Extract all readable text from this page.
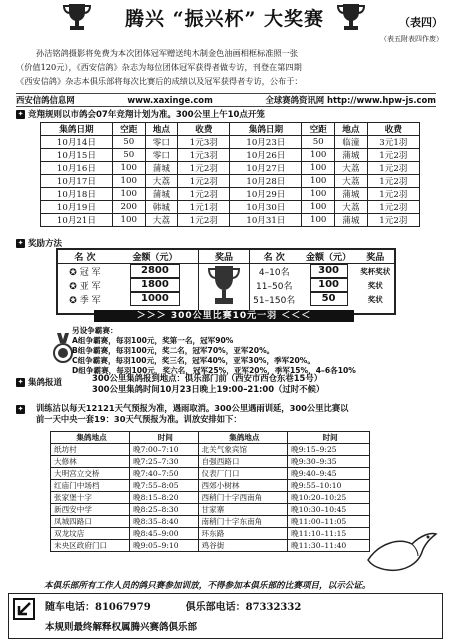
腾兴 “振兴杯” 大奖赛	（表四）
（表五附表四作废）

孙洁铭鸽摄影将免费为本次团体冠军赠送纯木制金色油画相框标准照一张

（价值120元），《西安信鸽》杂志为每位团体冠军获得者做专访，刊登在第四期

《西安信鸽》杂志本俱乐部将每次比赛后的成绩以及冠军获得者专访，公布于：

西安信鸽信息网	www.xaxinge.com	全球赛鸽资讯网 http://www.hpw-js.com
✦ 竞翔规则以市鸽会07年竞翔计划为准。300公里上午10点开笼
集鸽日期	空距	地点	收费	集鸽日期	空距	地点	收费
10月14日	50	零口	1元3羽	10月23日	50	临潼	3元1羽
10月15日	50	零口	1元3羽	10月26日	100	蒲城	1元2羽
10月16日	100	蒲城	1元2羽	10月27日	100	大荔	1元2羽
10月17日	100	大荔	1元2羽	10月28日	100	大荔	1元2羽
10月18日	100	蒲城	1元2羽	10月29日	100	蒲城	1元2羽
10月19日	200	韩城	1元1羽	10月30日	100	大荔	1元2羽
10月21日	100	大荔	1元2羽	10月31日	100	蒲城	1元2羽
✦ 奖励方法
名 次	金额（元）
✪ 冠 军	2800
✪ 亚 军	1800
✪ 季 军	1000
奖品	名 次	金额（元）	奖品
4–10名	300	奖杯奖状
11–50名	100	奖状
51–150名	50	奖状
＞＞＞ 300公里比赛10元一羽 ＜＜＜
另设争霸赛：
A组争霸赛，每羽100元，奖第一名，冠军90%
B组争霸赛，每羽100元，奖二名，冠军70%，亚军20%。
C组争霸赛，每羽100元，奖三名，冠军40%，亚军30%，季军20%。
D组争霸赛，每羽100元，奖六名，冠军25%，亚军20%，季军15%，4–6各10%
✦ 集鸽报道	300公里集鸽报到地点：俱乐部门前（西安市西仓东巷15号）
300公里集鸽时间10月23日晚上19:00–21:00（过时不候）
✦ 训练沽以每天12121天气预报为准，遇雨取消。300公里遇雨训延，300公里比赛以
前一天中央一套19：30天气预报为准。训放安排如下：
集鸽地点	时间	集鸽地点	时间
纸坊村	晚7:00–7:10	北关气象宾馆	晚9:15–9:25
大修林	晚7:25–7:30	自强西路口	晚9:30–9:35
大明宫立交桥	晚7:40–7:50	仪表厂门口	晚9:40–9:45
红庙门中场档	晚7:55–8:05	西郊小树林	晚9:55–10:10
张家堡十字	晚8:15–8:20	西稍门十字西南角	晚10:20–10:25
新西安中学	晚8:25–8:30	甘家寨	晚10:30–10:45
凤城四路口	晚8:35–8:40	南稍门十字东南角	晚11:00–11:05
双龙坟店	晚8:45–9:00	环东路	晚11:10–11:15
未央区政府门口	晚9:05–9:10	鸡谷街	晚11:30–11:40
本俱乐部所有工作人员的鸽只赛参加训放，不得参加本俱乐部的比赛项目，以示公证。
随车电话：81067979	俱乐部电话：87332332
本规则最终解释权属腾兴赛鸽俱乐部
